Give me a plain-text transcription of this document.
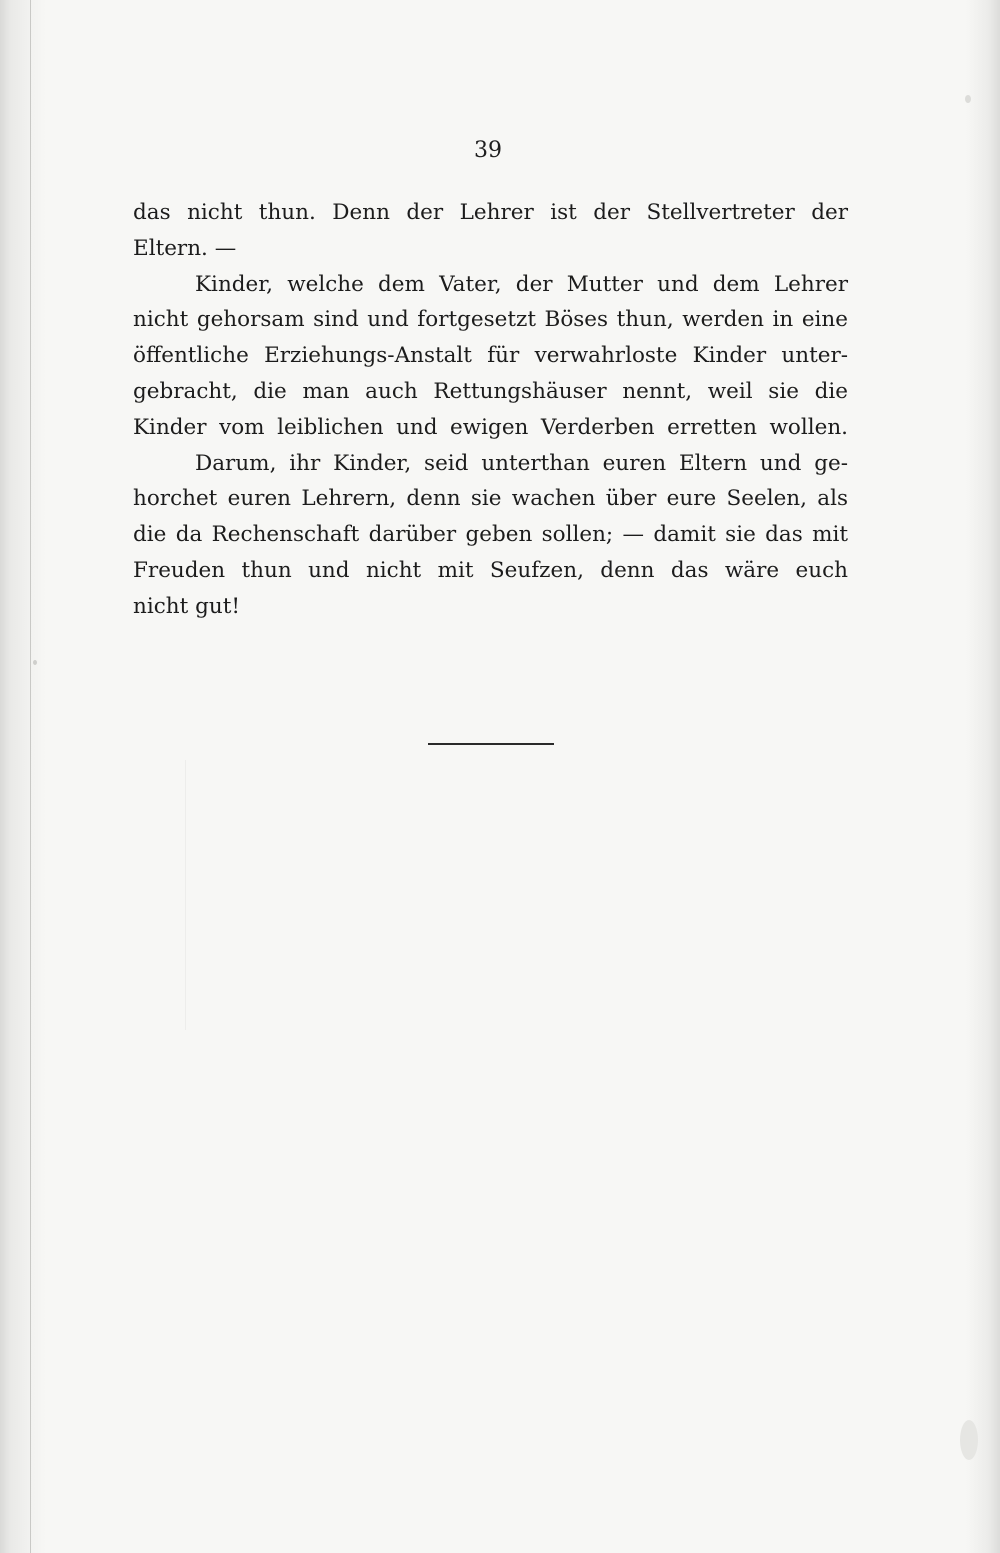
39
das nicht thun. Denn der Lehrer ist der Stellvertreter der
Eltern. —
Kinder, welche dem Vater, der Mutter und dem Lehrer
nicht gehorsam sind und fortgesetzt Böses thun, werden in eine
öffentliche Erziehungs-Anstalt für verwahrloste Kinder unter-
gebracht, die man auch Rettungshäuser nennt, weil sie die
Kinder vom leiblichen und ewigen Verderben erretten wollen.
Darum, ihr Kinder, seid unterthan euren Eltern und ge-
horchet euren Lehrern, denn sie wachen über eure Seelen, als
die da Rechenschaft darüber geben sollen; — damit sie das mit
Freuden thun und nicht mit Seufzen, denn das wäre euch
nicht gut!
